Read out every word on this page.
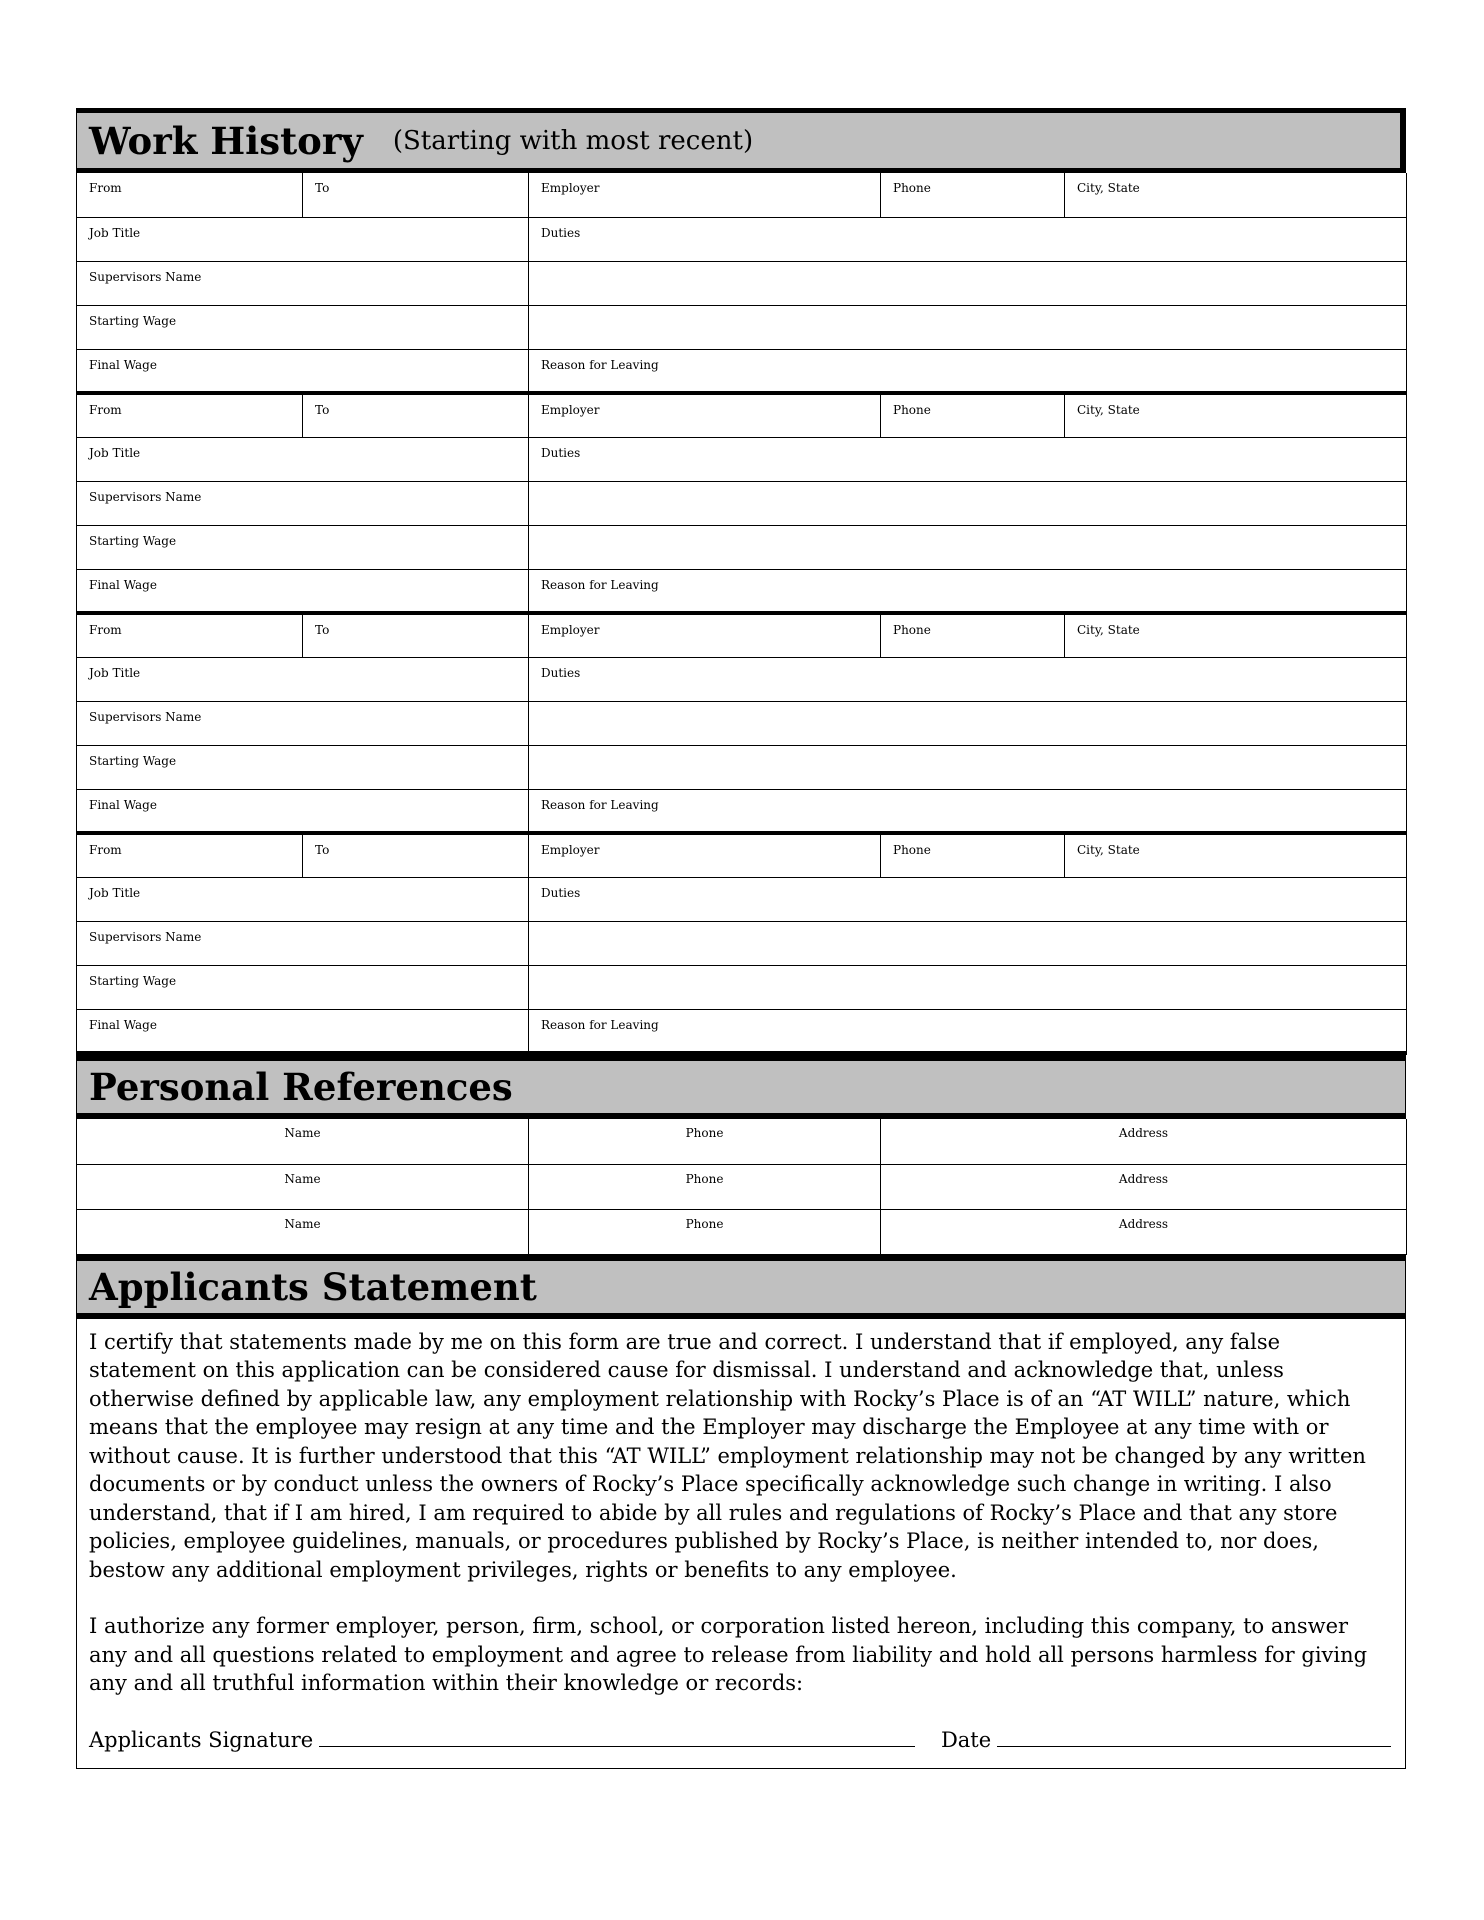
Work History (Starting with most recent)
From	To	Employer	Phone	City, State
Job Title		Duties		
Supervisors Name				
Starting Wage				
Final Wage		Reason for Leaving		
From	To	Employer	Phone	City, State
Job Title		Duties		
Supervisors Name				
Starting Wage				
Final Wage		Reason for Leaving		
From	To	Employer	Phone	City, State
Job Title		Duties		
Supervisors Name				
Starting Wage				
Final Wage		Reason for Leaving		
From	To	Employer	Phone	City, State
Job Title		Duties		
Supervisors Name				
Starting Wage				
Final Wage		Reason for Leaving		
Personal References
Name	Phone	Address
Name	Phone	Address
Name	Phone	Address
Applicants Statement

I certify that statements made by me on this form are true and correct. I understand that if employed, any false statement on this application can be considered cause for dismissal. I understand and acknowledge that, unless otherwise defined by applicable law, any employment relationship with Rocky’s Place is of an “AT WILL” nature, which means that the employee may resign at any time and the Employer may discharge the Employee at any time with or without cause. It is further understood that this “AT WILL” employment relationship may not be changed by any written documents or by conduct unless the owners of Rocky’s Place specifically acknowledge such change in writing. I also understand, that if I am hired, I am required to abide by all rules and regulations of Rocky’s Place and that any store policies, employee guidelines, manuals, or procedures published by Rocky’s Place, is neither intended to, nor does, bestow any additional employment privileges, rights or benefits to any employee.

I authorize any former employer, person, firm, school, or corporation listed hereon, including this company, to answer any and all questions related to employment and agree to release from liability and hold all persons harmless for giving any and all truthful information within their knowledge or records:

Applicants Signature	Date
